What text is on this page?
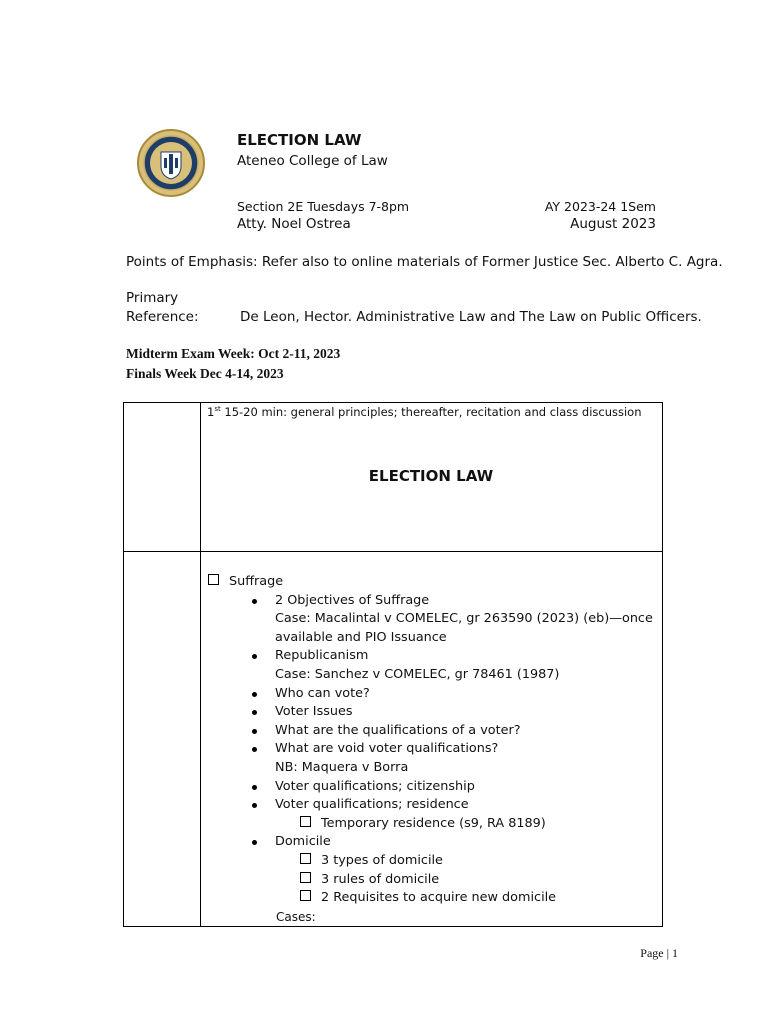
ELECTION LAW
Ateneo College of Law
Section 2E Tuesdays 7-8pm
Atty. Noel Ostrea
AY 2023-24 1Sem
August 2023
Points of Emphasis: Refer also to online materials of Former Justice Sec. Alberto C. Agra.
Primary
Reference:	De Leon, Hector. Administrative Law and The Law on Public Officers.
Midterm Exam Week: Oct 2-11, 2023
Finals Week Dec 4-14, 2023
1st 15-20 min: general principles; thereafter, recitation and class discussion
ELECTION LAW
Suffrage
2 Objectives of Suffrage
Case: Macalintal v COMELEC, gr 263590 (2023) (eb)—once
available and PIO Issuance
Republicanism
Case: Sanchez v COMELEC, gr 78461 (1987)
Who can vote?
Voter Issues
What are the qualifications of a voter?
What are void voter qualifications?
NB: Maquera v Borra
Voter qualifications; citizenship
Voter qualifications; residence
Temporary residence (s9, RA 8189)
Domicile
3 types of domicile
3 rules of domicile
2 Requisites to acquire new domicile
Cases:
Page | 1
